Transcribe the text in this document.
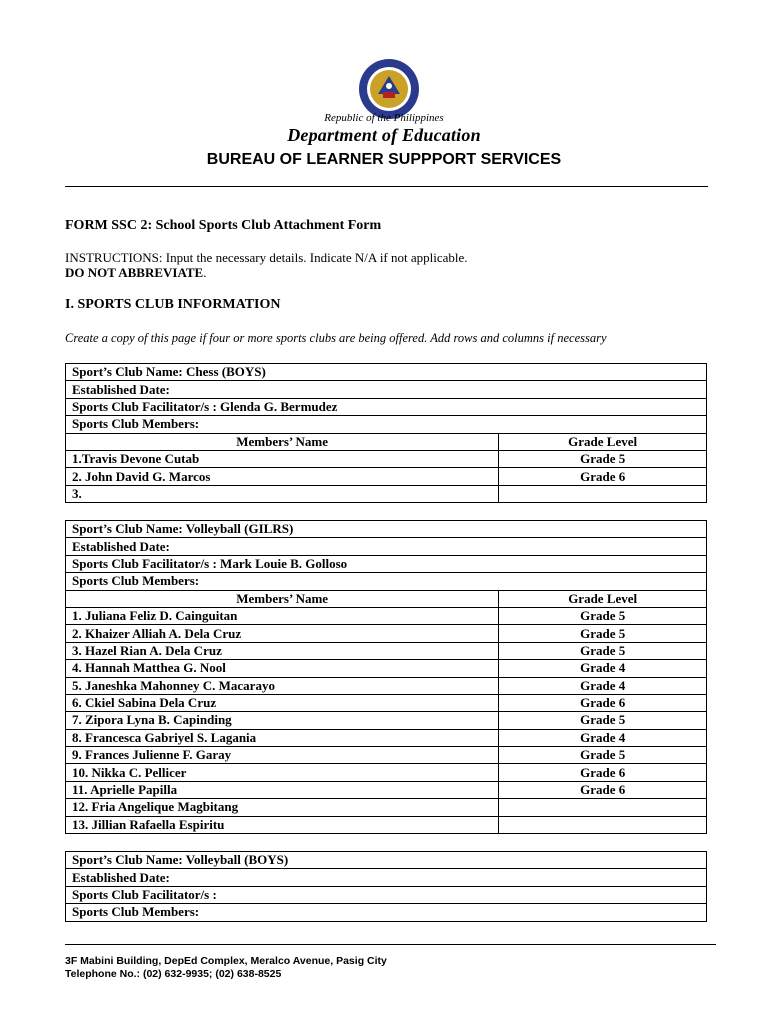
Republic of the Philippines
Department of Education
BUREAU OF LEARNER SUPPPORT SERVICES
FORM SSC 2: School Sports Club Attachment Form
INSTRUCTIONS: Input the necessary details. Indicate N/A if not applicable.
DO NOT ABBREVIATE.
I. SPORTS CLUB INFORMATION
Create a copy of this page if four or more sports clubs are being offered. Add rows and columns if necessary
Sport’s Club Name: Chess (BOYS)	
Established Date:	
Sports Club Facilitator/s : Glenda G. Bermudez	
Sports Club Members:	
Members’ Name	Grade Level
1.Travis Devone Cutab	Grade 5
2. John David G. Marcos	Grade 6
3.	
Sport’s Club Name: Volleyball (GILRS)	
Established Date:	
Sports Club Facilitator/s : Mark Louie B. Golloso	
Sports Club Members:	
Members’ Name	Grade Level
1. Juliana Feliz D. Cainguitan	Grade 5
2. Khaizer Alliah A. Dela Cruz	Grade 5
3. Hazel Rian A. Dela Cruz	Grade 5
4. Hannah Matthea G. Nool	Grade 4
5. Janeshka Mahonney C. Macarayo	Grade 4
6. Ckiel Sabina Dela Cruz	Grade 6
7. Zipora Lyna B. Capinding	Grade 5
8. Francesca Gabriyel S. Lagania	Grade 4
9. Frances Julienne F. Garay	Grade 5
10. Nikka C. Pellicer	Grade 6
11. Aprielle Papilla	Grade 6
12. Fria Angelique Magbitang	
13. Jillian Rafaella Espiritu	
Sport’s Club Name: Volleyball (BOYS)
Established Date:
Sports Club Facilitator/s :
Sports Club Members:
3F Mabini Building, DepEd Complex, Meralco Avenue, Pasig City
Telephone No.: (02) 632-9935; (02) 638-8525
